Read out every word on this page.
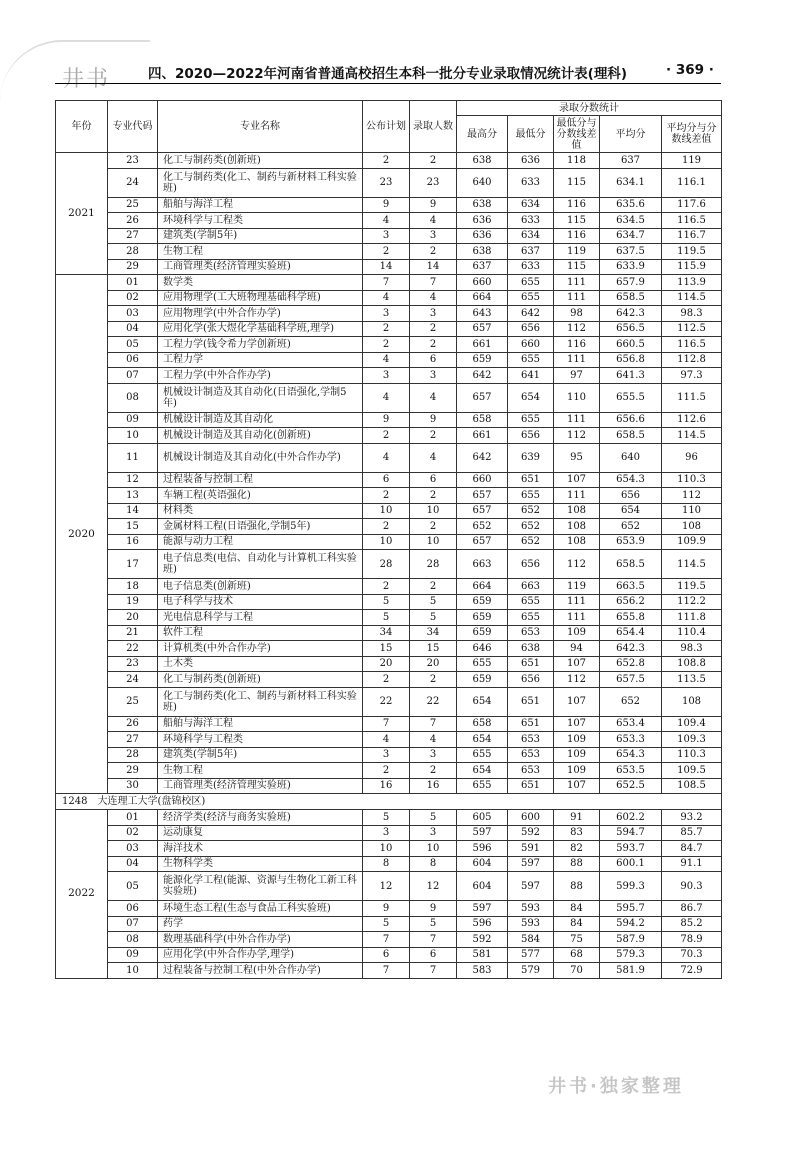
井书	四、2020—2022年河南省普通高校招生本科一批分专业录取情况统计表(理科)	· 369 ·
年份	专业代码	专业名称	公布计划	录取人数	录取分数统计				
					最高分	最低分	最低分与分数线差值	平均分	平均分与分数线差值
2021	23	化工与制药类(创新班)	2	2	638	636	118	637	119
	24	化工与制药类(化工、制药与新材料工科实验班)	23	23	640	633	115	634.1	116.1
	25	船舶与海洋工程	9	9	638	634	116	635.6	117.6
	26	环境科学与工程类	4	4	636	633	115	634.5	116.5
	27	建筑类(学制5年)	3	3	636	634	116	634.7	116.7
	28	生物工程	2	2	638	637	119	637.5	119.5
	29	工商管理类(经济管理实验班)	14	14	637	633	115	633.9	115.9
2020	01	数学类	7	7	660	655	111	657.9	113.9
	02	应用物理学(工大班物理基础科学班)	4	4	664	655	111	658.5	114.5
	03	应用物理学(中外合作办学)	3	3	643	642	98	642.3	98.3
	04	应用化学(张大煜化学基础科学班,理学)	2	2	657	656	112	656.5	112.5
	05	工程力学(钱令希力学创新班)	2	2	661	660	116	660.5	116.5
	06	工程力学	4	6	659	655	111	656.8	112.8
	07	工程力学(中外合作办学)	3	3	642	641	97	641.3	97.3
	08	机械设计制造及其自动化(日语强化,学制5年)	4	4	657	654	110	655.5	111.5
	09	机械设计制造及其自动化	9	9	658	655	111	656.6	112.6
	10	机械设计制造及其自动化(创新班)	2	2	661	656	112	658.5	114.5
	11	机械设计制造及其自动化(中外合作办学)	4	4	642	639	95	640	96
	12	过程装备与控制工程	6	6	660	651	107	654.3	110.3
	13	车辆工程(英语强化)	2	2	657	655	111	656	112
	14	材料类	10	10	657	652	108	654	110
	15	金属材料工程(日语强化,学制5年)	2	2	652	652	108	652	108
	16	能源与动力工程	10	10	657	652	108	653.9	109.9
	17	电子信息类(电信、自动化与计算机工科实验班)	28	28	663	656	112	658.5	114.5
	18	电子信息类(创新班)	2	2	664	663	119	663.5	119.5
	19	电子科学与技术	5	5	659	655	111	656.2	112.2
	20	光电信息科学与工程	5	5	659	655	111	655.8	111.8
	21	软件工程	34	34	659	653	109	654.4	110.4
	22	计算机类(中外合作办学)	15	15	646	638	94	642.3	98.3
	23	土木类	20	20	655	651	107	652.8	108.8
	24	化工与制药类(创新班)	2	2	659	656	112	657.5	113.5
	25	化工与制药类(化工、制药与新材料工科实验班)	22	22	654	651	107	652	108
	26	船舶与海洋工程	7	7	658	651	107	653.4	109.4
	27	环境科学与工程类	4	4	654	653	109	653.3	109.3
	28	建筑类(学制5年)	3	3	655	653	109	654.3	110.3
	29	生物工程	2	2	654	653	109	653.5	109.5
	30	工商管理类(经济管理实验班)	16	16	655	651	107	652.5	108.5
1248　大连理工大学(盘锦校区)									
2022	01	经济学类(经济与商务实验班)	5	5	605	600	91	602.2	93.2
	02	运动康复	3	3	597	592	83	594.7	85.7
	03	海洋技术	10	10	596	591	82	593.7	84.7
	04	生物科学类	8	8	604	597	88	600.1	91.1
	05	能源化学工程(能源、资源与生物化工新工科实验班)	12	12	604	597	88	599.3	90.3
	06	环境生态工程(生态与食品工科实验班)	9	9	597	593	84	595.7	86.7
	07	药学	5	5	596	593	84	594.2	85.2
	08	数理基础科学(中外合作办学)	7	7	592	584	75	587.9	78.9
	09	应用化学(中外合作办学,理学)	6	6	581	577	68	579.3	70.3
	10	过程装备与控制工程(中外合作办学)	7	7	583	579	70	581.9	72.9
井书·独家整理
